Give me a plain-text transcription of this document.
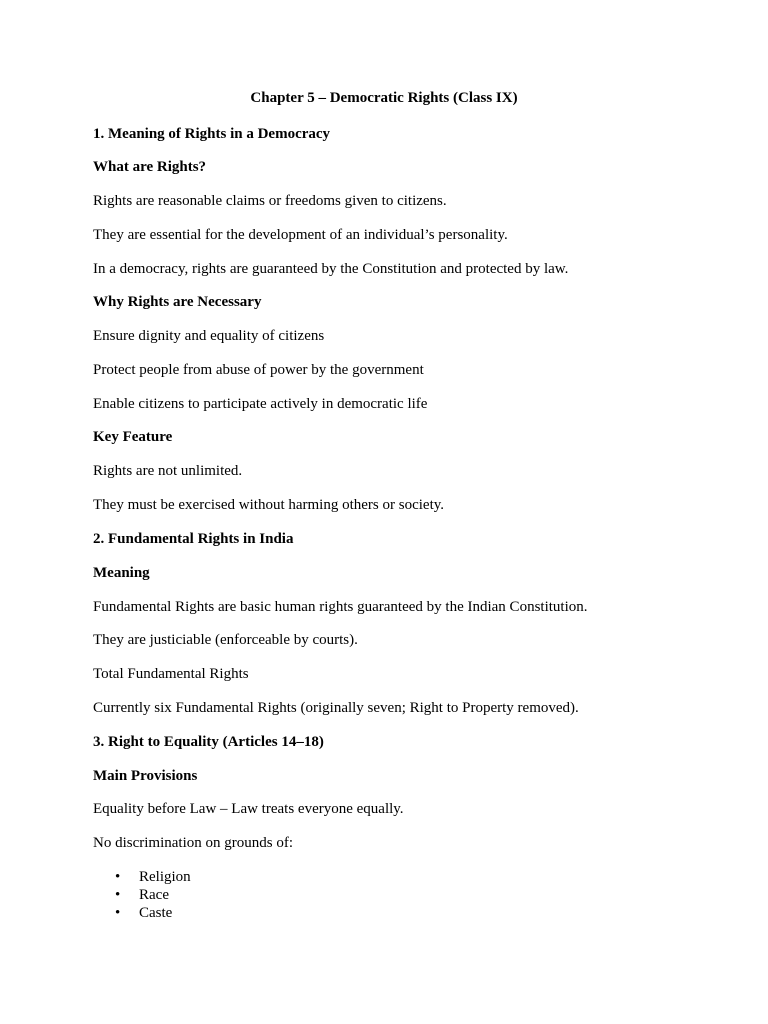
Chapter 5 – Democratic Rights (Class IX)
1. Meaning of Rights in a Democracy
What are Rights?
Rights are reasonable claims or freedoms given to citizens.
They are essential for the development of an individual’s personality.
In a democracy, rights are guaranteed by the Constitution and protected by law.
Why Rights are Necessary
Ensure dignity and equality of citizens
Protect people from abuse of power by the government
Enable citizens to participate actively in democratic life
Key Feature
Rights are not unlimited.
They must be exercised without harming others or society.
2. Fundamental Rights in India
Meaning
Fundamental Rights are basic human rights guaranteed by the Indian Constitution.
They are justiciable (enforceable by courts).
Total Fundamental Rights
Currently six Fundamental Rights (originally seven; Right to Property removed).
3. Right to Equality (Articles 14–18)
Main Provisions
Equality before Law – Law treats everyone equally.
No discrimination on grounds of:
•	Religion
•	Race
•	Caste
